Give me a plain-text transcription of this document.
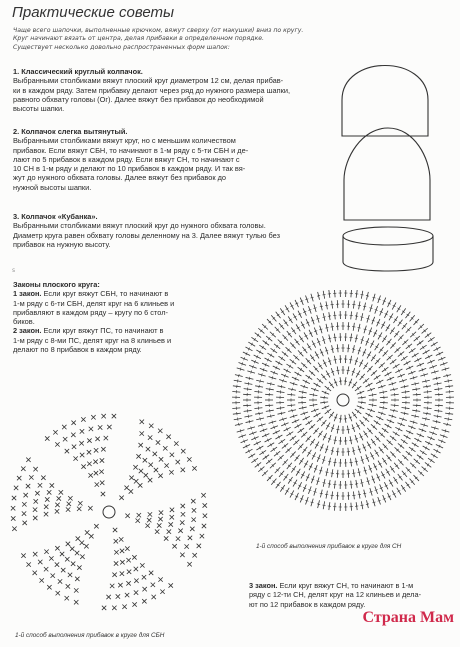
Практические советы
Чаще всего шапочки, выполненные крючком, вяжут сверху (от макушки) вниз по кругу.
Круг начинают вязать от центра, делая прибавки в определенном порядке.
Существует несколько довольно распространенных форм шапок:
1. Классический круглый колпачок.
Выбранными столбиками вяжут плоский круг диаметром 12 см, делая прибав-
ки в каждом ряду. Затем прибавку делают через ряд до нужного размера шапки,
равного обхвату головы (Ог). Далее вяжут без прибавок до необходимой
высоты шапки.
2. Колпачок слегка вытянутый.
Выбранными столбиками вяжут круг, но с меньшим количеством
прибавок. Если вяжут СБН, то начинают в 1-м ряду с 5-ти СБН и де-
лают по 5 прибавок в каждом ряду. Если вяжут СН, то начинают с
10 СН в 1-м ряду и делают по 10 прибавок в каждом ряду. И так вя-
жут до нужного обхвата головы. Далее вяжут без прибавок до
нужной высоты шапки.
3. Колпачок «Кубанка».
Выбранными столбиками вяжут плоский круг до нужного обхвата головы.
Диаметр круга равен обхвату головы деленному на 3. Далее вяжут тулью без
прибавок на нужную высоту.
s
Законы плоского круга:
1 закон. Если круг вяжут СБН, то начинают в
1-м ряду с 6-ти СБН, делят круг на 6 клиньев и
прибавляют в каждом ряду – кругу по 6 стол-
биков.
2 закон. Если круг вяжут ПС, то начинают в
1-м ряду с 8-ми ПС, делят круг на 8 клиньев и
делают по 8 прибавок в каждом ряду.
1-й способ выполнения прибавок в круге для СН
1-й способ выполнения прибавок в круге для СБН
3 закон. Если круг вяжут СН, то начинают в 1-м
ряду с 12-ти СН, делят круг на 12 клиньев и дела-
ют по 12 прибавок в каждом ряду.
Страна Мам
